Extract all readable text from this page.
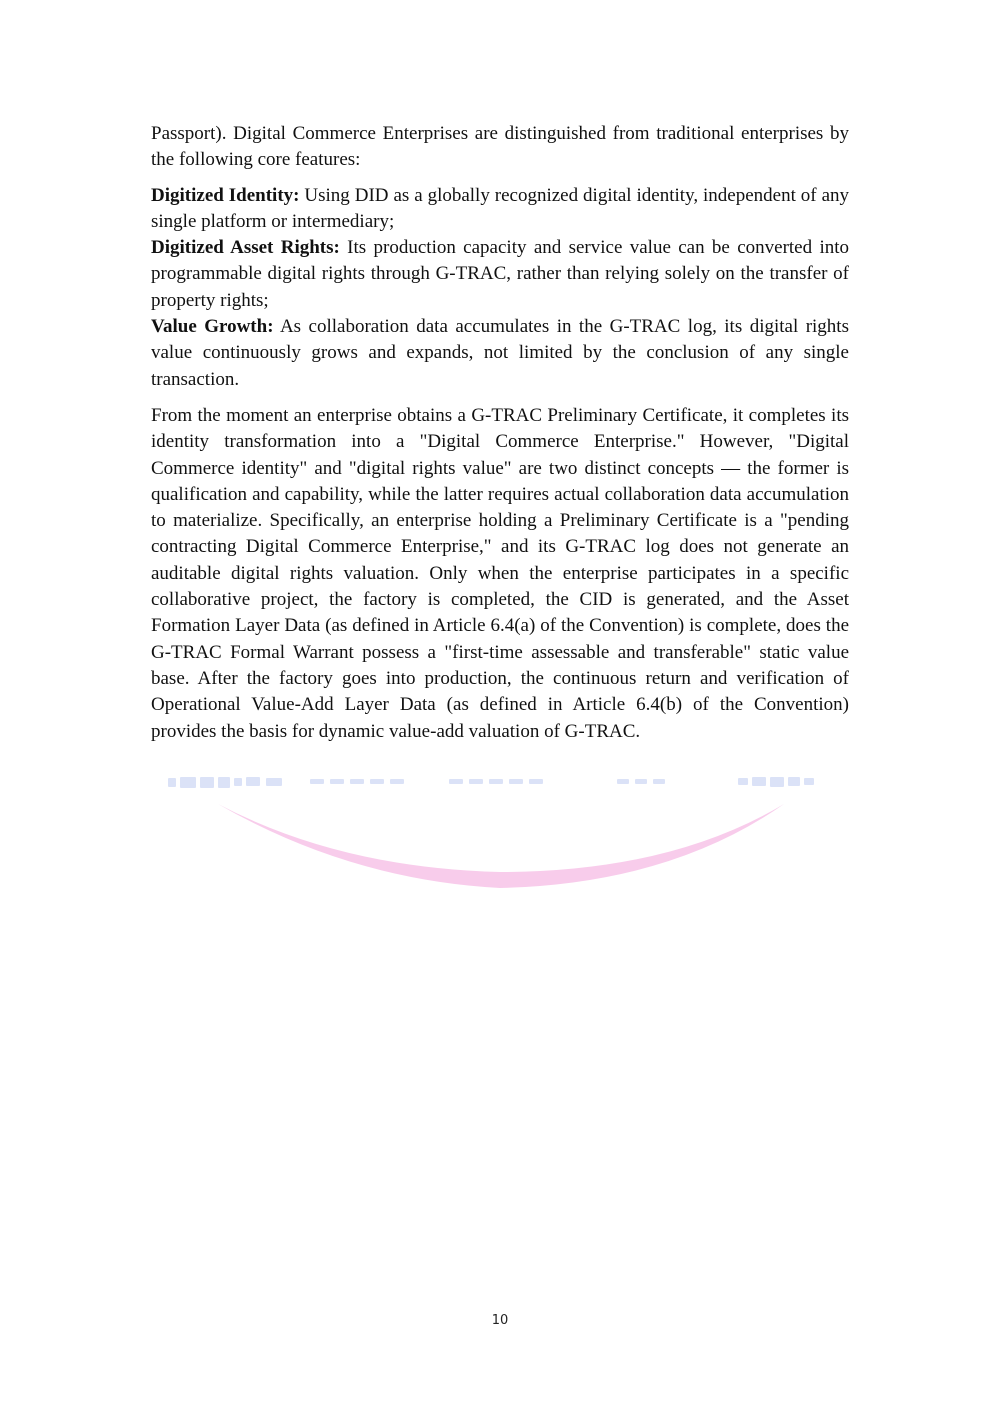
Passport). Digital Commerce Enterprises are distinguished from traditional enterprises by the following core features:

Digitized Identity: Using DID as a globally recognized digital identity, independent of any single platform or intermediary;

Digitized Asset Rights: Its production capacity and service value can be converted into programmable digital rights through G-TRAC, rather than relying solely on the transfer of property rights;

Value Growth: As collaboration data accumulates in the G-TRAC log, its digital rights value continuously grows and expands, not limited by the conclusion of any single transaction.

From the moment an enterprise obtains a G-TRAC Preliminary Certificate, it completes its identity transformation into a "Digital Commerce Enterprise." However, "Digital Commerce identity" and "digital rights value" are two distinct concepts — the former is qualification and capability, while the latter requires actual collaboration data accumulation to materialize. Specifically, an enterprise holding a Preliminary Certificate is a "pending contracting Digital Commerce Enterprise," and its G-TRAC log does not generate an auditable digital rights valuation. Only when the enterprise participates in a specific collaborative project, the factory is completed, the CID is generated, and the Asset Formation Layer Data (as defined in Article 6.4(a) of the Convention) is complete, does the G-TRAC Formal Warrant possess a "first-time assessable and transferable" static value base. After the factory goes into production, the continuous return and verification of Operational Value-Add Layer Data (as defined in Article 6.4(b) of the Convention) provides the basis for dynamic value-add valuation of G-TRAC.

10
